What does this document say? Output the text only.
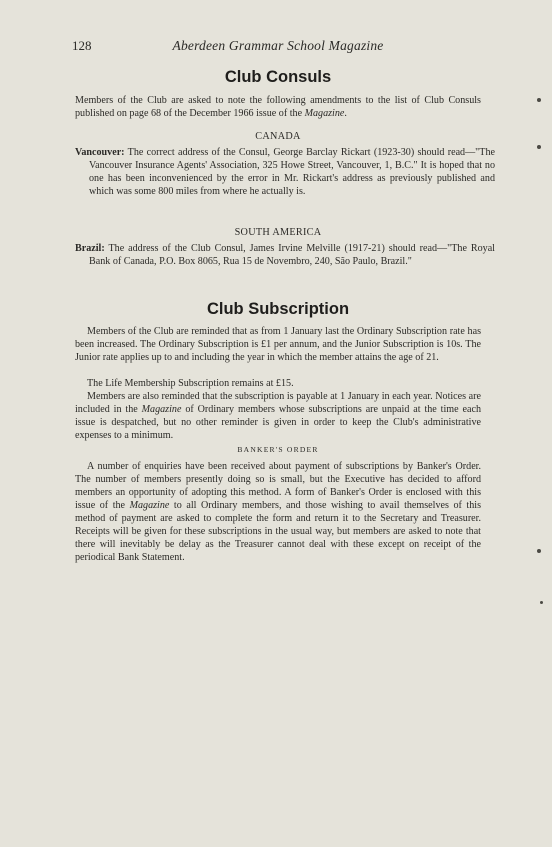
128	Aberdeen Grammar School Magazine
Club Consuls

Members of the Club are asked to note the following amendments to the list of Club Consuls published on page 68 of the December 1966 issue of the Magazine.

CANADA

Vancouver: The correct address of the Consul, George Barclay Rickart (1923-30) should read—"The Vancouver Insurance Agents' Association, 325 Howe Street, Vancouver, 1, B.C." It is hoped that no one has been inconvenienced by the error in Mr. Rickart's address as previously published and which was some 800 miles from where he actually is.

SOUTH AMERICA

Brazil: The address of the Club Consul, James Irvine Melville (1917-21) should read—"The Royal Bank of Canada, P.O. Box 8065, Rua 15 de Novembro, 240, São Paulo, Brazil."

Club Subscription

Members of the Club are reminded that as from 1 January last the Ordinary Subscription rate has been increased. The Ordinary Subscription is £1 per annum, and the Junior Subscription is 10s. The Junior rate applies up to and including the year in which the member attains the age of 21.

The Life Membership Subscription remains at £15.

Members are also reminded that the subscription is payable at 1 January in each year. Notices are included in the Magazine of Ordinary members whose subscriptions are unpaid at the time each issue is despatched, but no other reminder is given in order to keep the Club's administrative expenses to a minimum.

BANKER'S ORDER

A number of enquiries have been received about payment of subscriptions by Banker's Order. The number of members presently doing so is small, but the Executive has decided to afford members an opportunity of adopting this method. A form of Banker's Order is enclosed with this issue of the Magazine to all Ordinary members, and those wishing to avail themselves of this method of payment are asked to complete the form and return it to the Secretary and Treasurer. Receipts will be given for these subscriptions in the usual way, but members are asked to note that there will inevitably be delay as the Treasurer cannot deal with these except on receipt of the periodical Bank Statement.
